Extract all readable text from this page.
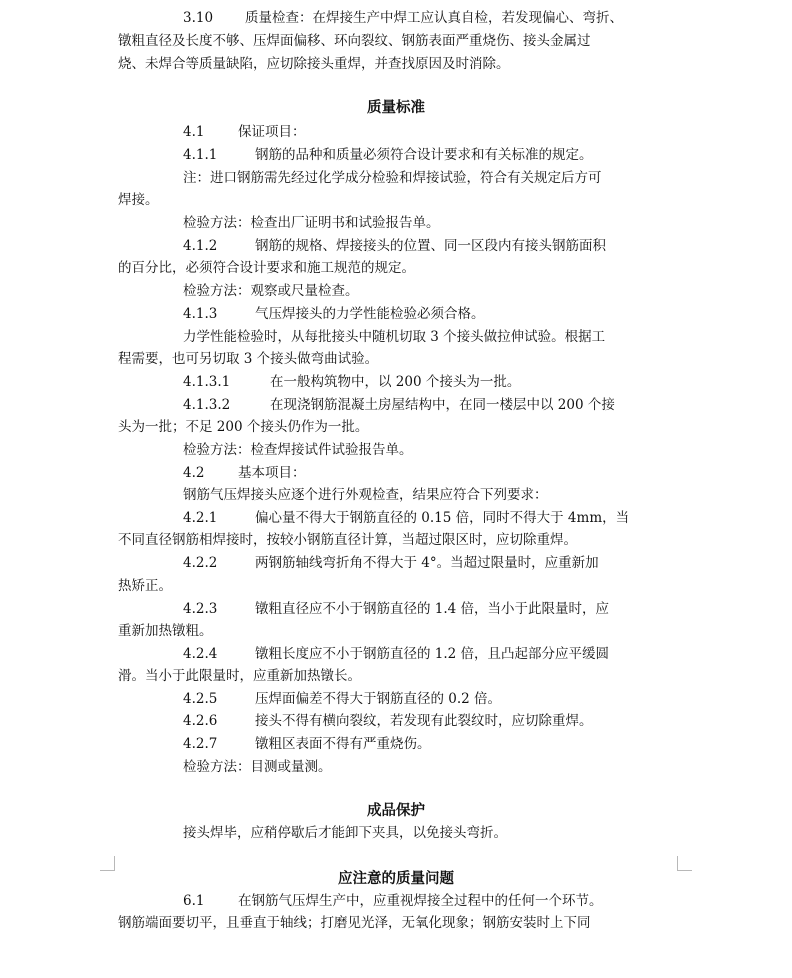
3.10

质量检查：在焊接生产中焊工应认真自检，若发现偏心、弯折、

镦粗直径及长度不够、压焊面偏移、环向裂纹、钢筋表面严重烧伤、接头金属过

烧、未焊合等质量缺陷，应切除接头重焊，并查找原因及时消除。

质量标准

4.1

保证项目：

4.1.1

	钢筋的品种和质量必须符合设计要求和有关标准的规定。

注：进口钢筋需先经过化学成分检验和焊接试验，符合有关规定后方可

焊接。

检验方法：检查出厂证明书和试验报告单。

4.1.2

	钢筋的规格、焊接接头的位置、同一区段内有接头钢筋面积

的百分比，必须符合设计要求和施工规范的规定。

检验方法：观察或尺量检查。

4.1.3

	气压焊接头的力学性能检验必须合格。

力学性能检验时，从每批接头中随机切取 3 个接头做拉伸试验。根据工

程需要，也可另切取 3 个接头做弯曲试验。

4.1.3.1

	在一般构筑物中，以 200 个接头为一批。

4.1.3.2

	在现浇钢筋混凝土房屋结构中，在同一楼层中以 200 个接

头为一批；不足 200 个接头仍作为一批。

检验方法：检查焊接试件试验报告单。

4.2

基本项目：

钢筋气压焊接头应逐个进行外观检查，结果应符合下列要求：

4.2.1

	偏心量不得大于钢筋直径的 0.15 倍，同时不得大于 4mm，当

不同直径钢筋相焊接时，按较小钢筋直径计算，当超过限区时，应切除重焊。

4.2.2

	两钢筋轴线弯折角不得大于 4°。当超过限量时，应重新加

热矫正。

4.2.3

	镦粗直径应不小于钢筋直径的 1.4 倍，当小于此限量时，应

重新加热镦粗。

4.2.4

	镦粗长度应不小于钢筋直径的 1.2 倍，且凸起部分应平缓圆

滑。当小于此限量时，应重新加热镦长。

4.2.5

	压焊面偏差不得大于钢筋直径的 0.2 倍。

4.2.6

	接头不得有横向裂纹，若发现有此裂纹时，应切除重焊。

4.2.7

	镦粗区表面不得有严重烧伤。

检验方法：目测或量测。

成品保护

接头焊毕，应稍停歇后才能卸下夹具，以免接头弯折。

应注意的质量问题

6.1

在钢筋气压焊生产中，应重视焊接全过程中的任何一个环节。

钢筋端面要切平，且垂直于轴线；打磨见光泽，无氧化现象；钢筋安装时上下同
